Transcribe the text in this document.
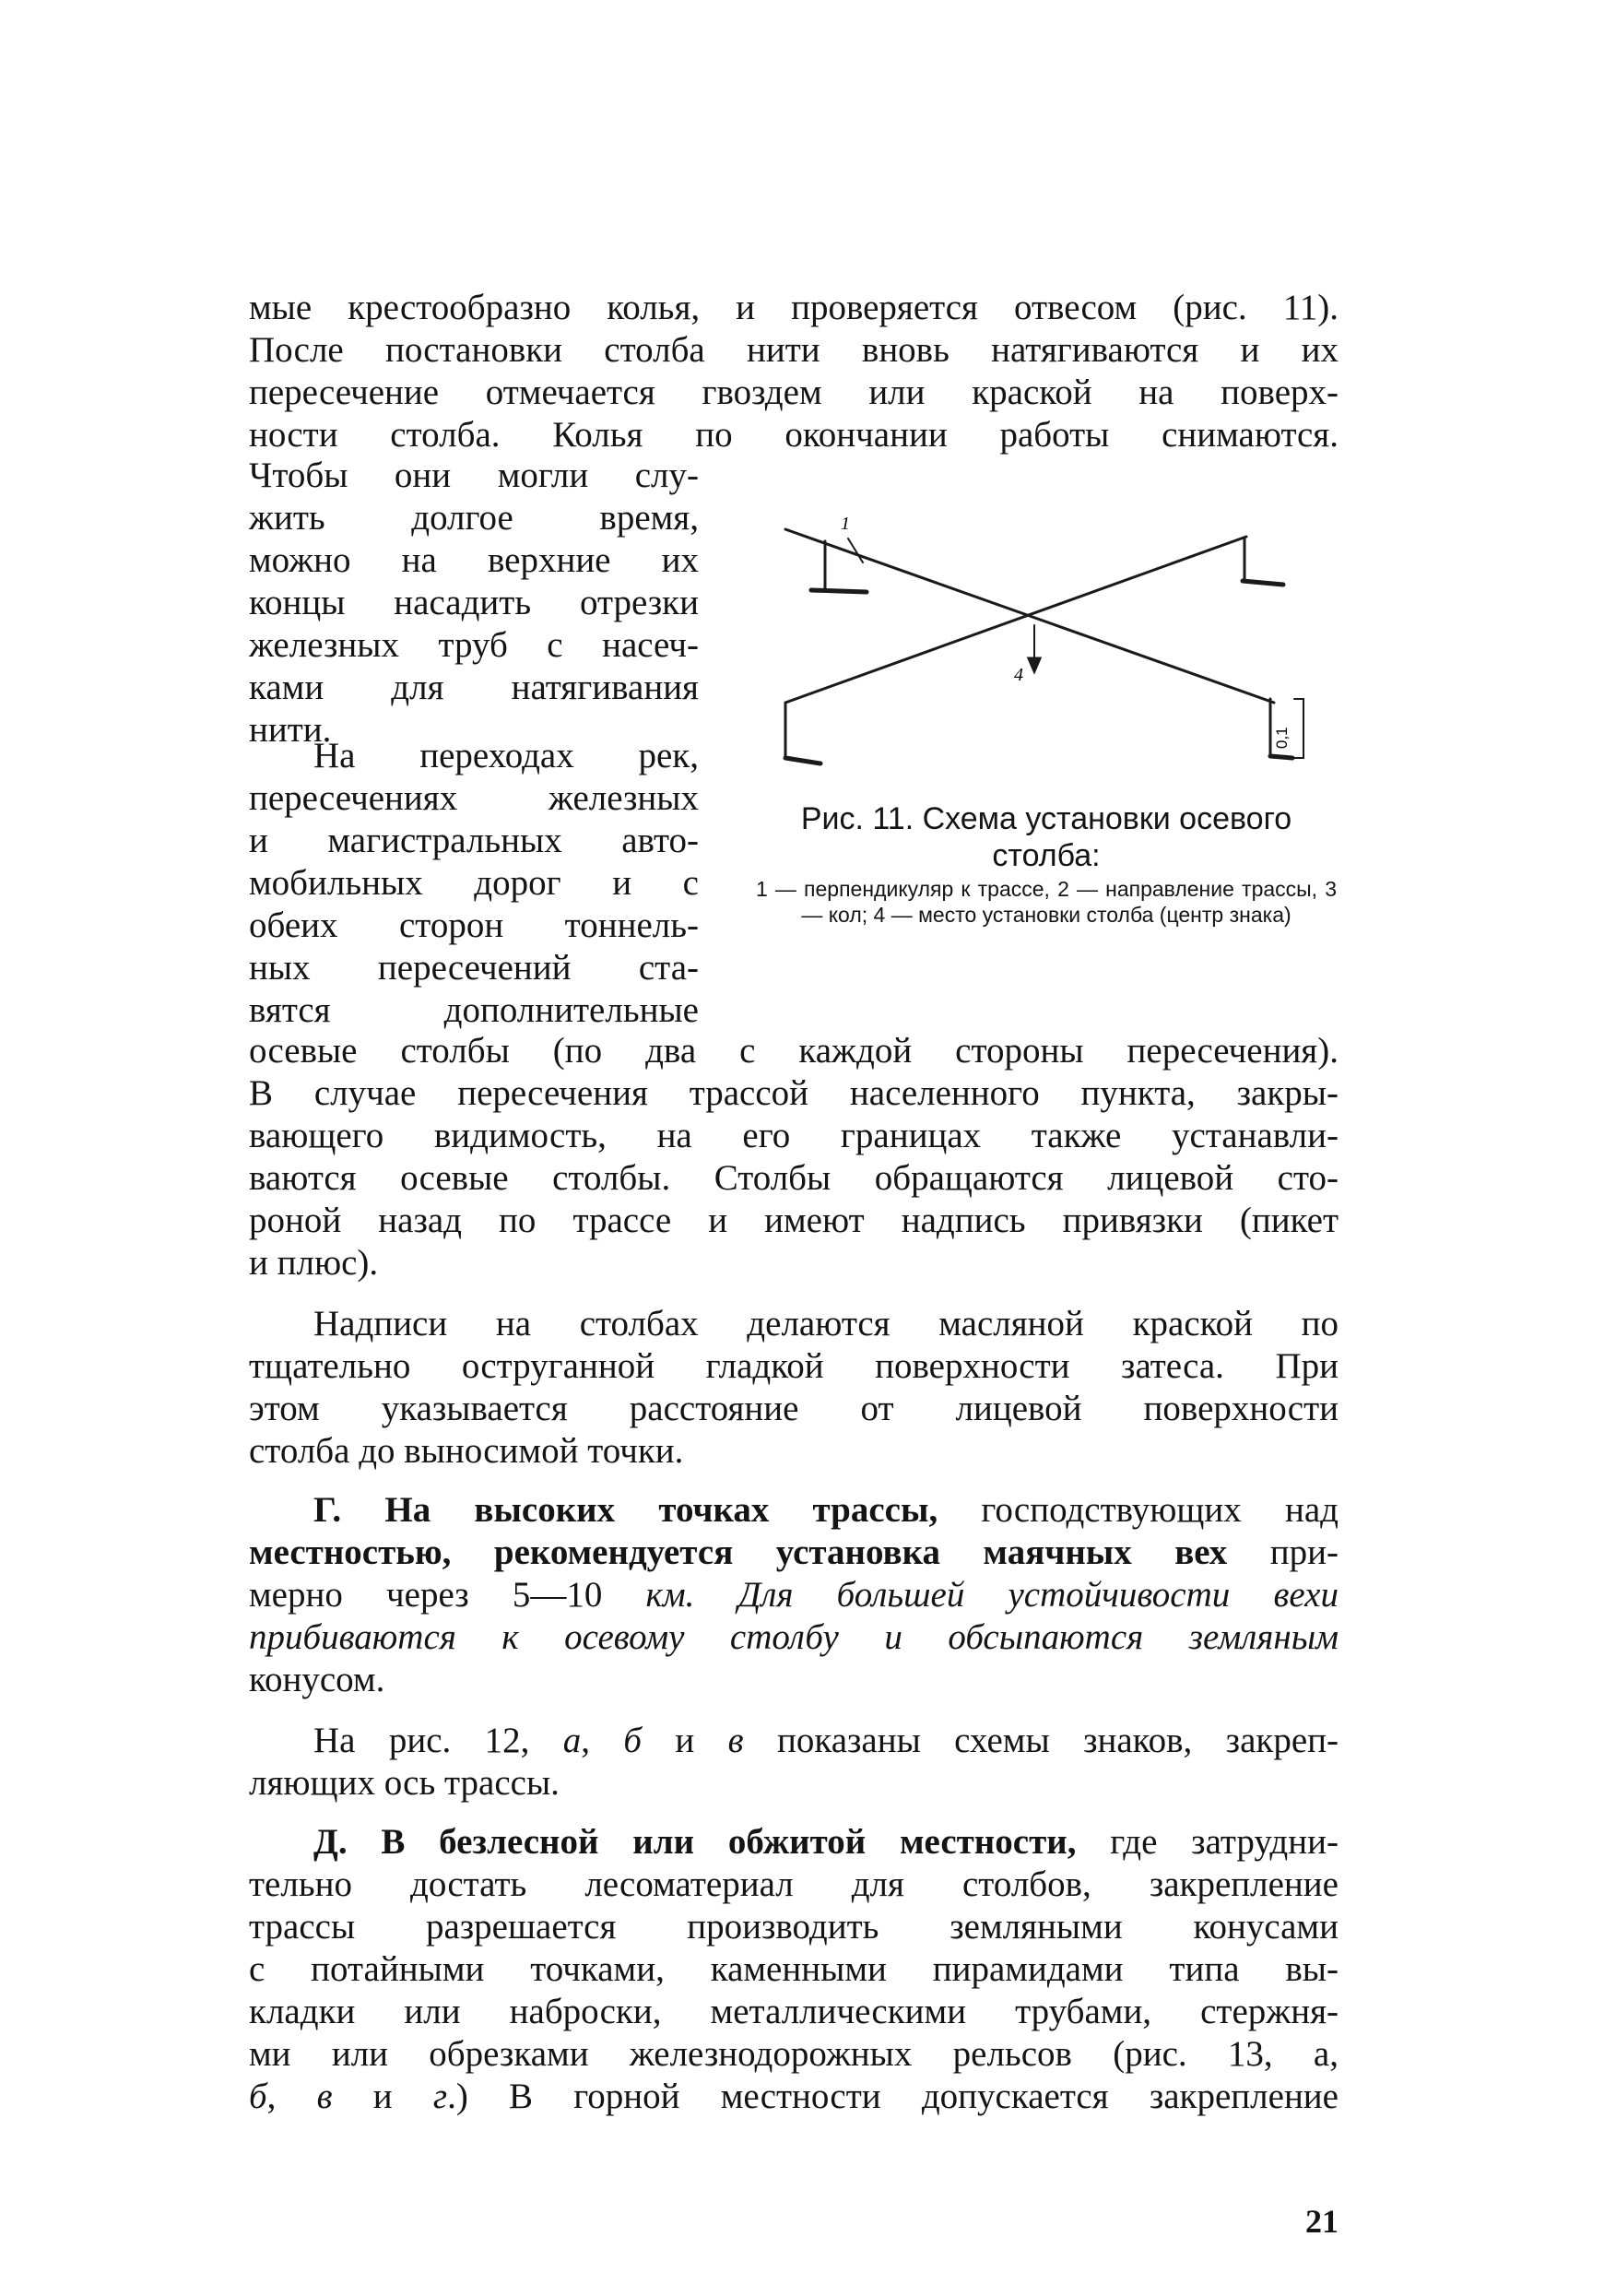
мые крестообразно колья, и проверяется отвесом (рис. 11).
После постановки столба нити вновь натягиваются и их
пересечение отмечается гвоздем или краской на поверх-
ности столба. Колья по окончании работы снимаются.
Чтобы они могли слу-
жить долгое время,
можно на верхние их
концы насадить отрезки
железных труб с насеч-
ками для натягивания
нити.
На переходах рек,
пересечениях железных
и магистральных авто-
мобильных дорог и с
обеих сторон тоннель-
ных пересечений ста-
вятся дополнительные
осевые столбы (по два с каждой стороны пересечения).
В случае пересечения трассой населенного пункта, закры-
вающего видимость, на его границах также устанавли-
ваются осевые столбы. Столбы обращаются лицевой сто-
роной назад по трассе и имеют надпись привязки (пикет
и плюс).
Надписи на столбах делаются масляной краской по
тщательно оструганной гладкой поверхности затеса. При
этом указывается расстояние от лицевой поверхности
столба до выносимой точки.
Г. На высоких точках трассы, господствующих над
местностью, рекомендуется установка маячных вех при-
мерно через 5—10 км. Для большей устойчивости вехи
прибиваются к осевому столбу и обсыпаются земляным
конусом.
На рис. 12, а, б и в показаны схемы знаков, закреп-
ляющих ось трассы.
Д. В безлесной или обжитой местности, где затрудни-
тельно достать лесоматериал для столбов, закрепление
трассы разрешается производить земляными конусами
с потайными точками, каменными пирамидами типа вы-
кладки или наброски, металлическими трубами, стержня-
ми или обрезками железнодорожных рельсов (рис. 13, а,
б, в и г.) В горной местности допускается закрепление
1
4
0,1
Рис. 11. Схема установки осевого столба:
1 — перпендикуляр к трассе, 2 — направление трассы, 3 — кол; 4 — место установки столба (центр знака)
21
